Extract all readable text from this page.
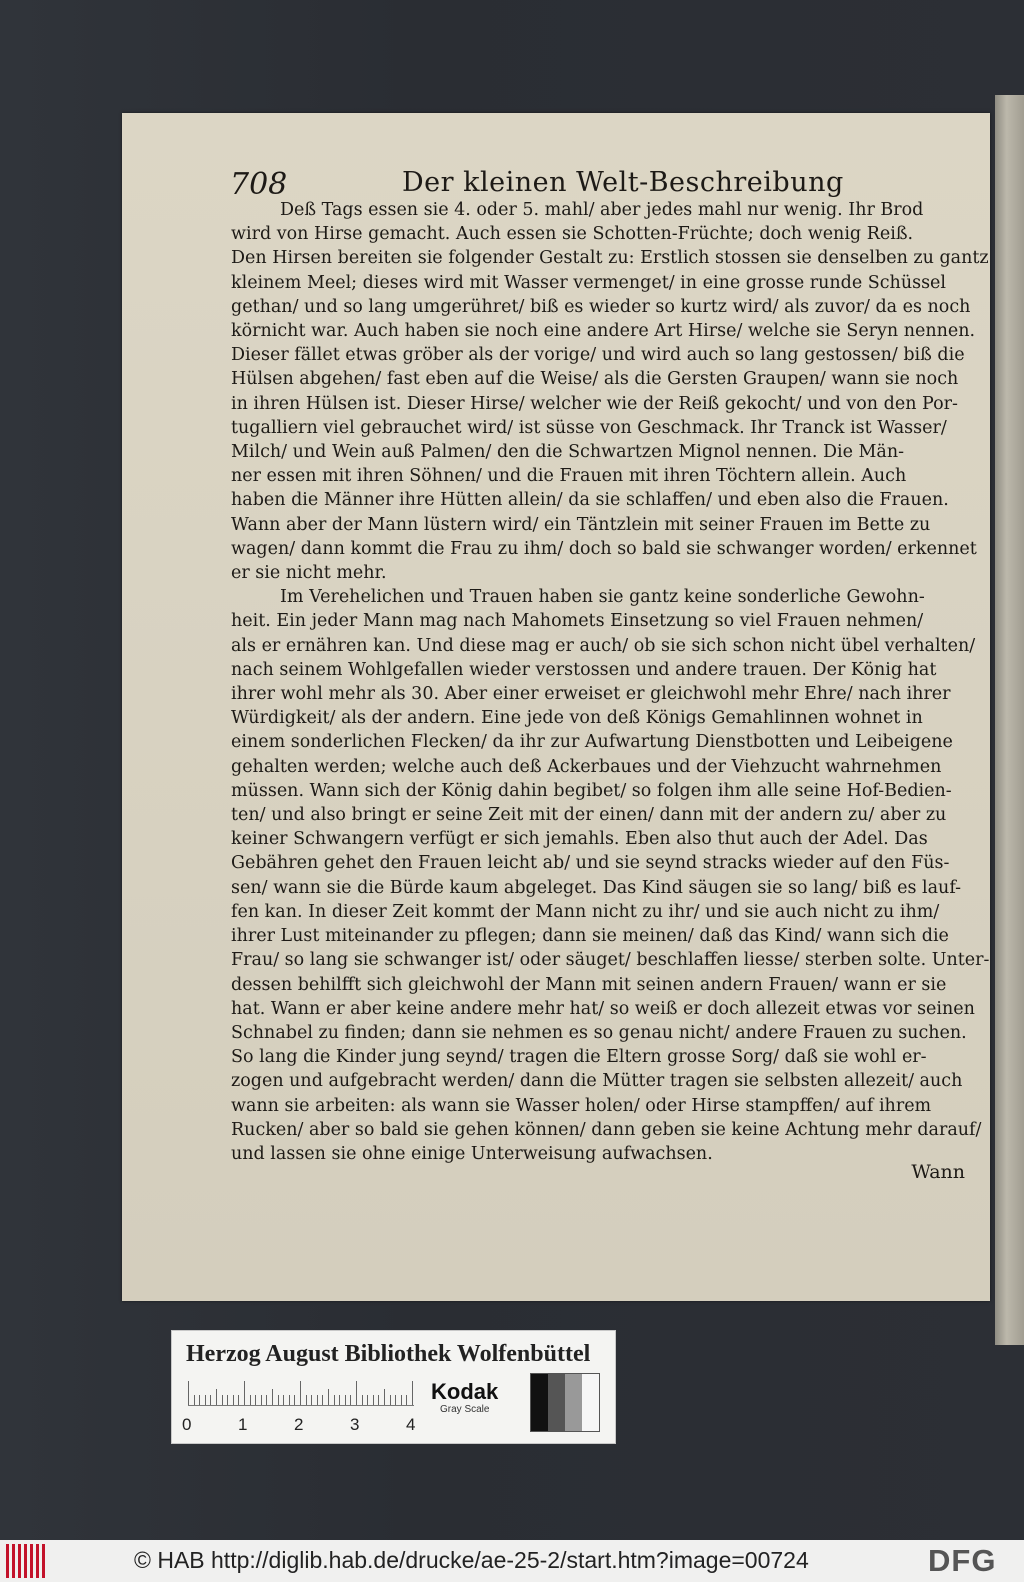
708	Der kleinen Welt-Beschreibung
Deß Tags essen sie 4. oder 5. mahl/ aber jedes mahl nur wenig. Ihr Brod
wird von Hirse gemacht. Auch essen sie Schotten-Früchte; doch wenig Reiß.
Den Hirsen bereiten sie folgender Gestalt zu: Erstlich stossen sie denselben zu gantz
kleinem Meel; dieses wird mit Wasser vermenget/ in eine grosse runde Schüssel
gethan/ und so lang umgerühret/ biß es wieder so kurtz wird/ als zuvor/ da es noch
körnicht war. Auch haben sie noch eine andere Art Hirse/ welche sie Seryn nennen.
Dieser fället etwas gröber als der vorige/ und wird auch so lang gestossen/ biß die
Hülsen abgehen/ fast eben auf die Weise/ als die Gersten Graupen/ wann sie noch
in ihren Hülsen ist. Dieser Hirse/ welcher wie der Reiß gekocht/ und von den Por-
tugalliern viel gebrauchet wird/ ist süsse von Geschmack. Ihr Tranck ist Wasser/
Milch/ und Wein auß Palmen/ den die Schwartzen Mignol nennen. Die Män-
ner essen mit ihren Söhnen/ und die Frauen mit ihren Töchtern allein. Auch
haben die Männer ihre Hütten allein/ da sie schlaffen/ und eben also die Frauen.
Wann aber der Mann lüstern wird/ ein Täntzlein mit seiner Frauen im Bette zu
wagen/ dann kommt die Frau zu ihm/ doch so bald sie schwanger worden/ erkennet
er sie nicht mehr.
Im Verehelichen und Trauen haben sie gantz keine sonderliche Gewohn-
heit. Ein jeder Mann mag nach Mahomets Einsetzung so viel Frauen nehmen/
als er ernähren kan. Und diese mag er auch/ ob sie sich schon nicht übel verhalten/
nach seinem Wohlgefallen wieder verstossen und andere trauen. Der König hat
ihrer wohl mehr als 30. Aber einer erweiset er gleichwohl mehr Ehre/ nach ihrer
Würdigkeit/ als der andern. Eine jede von deß Königs Gemahlinnen wohnet in
einem sonderlichen Flecken/ da ihr zur Aufwartung Dienstbotten und Leibeigene
gehalten werden; welche auch deß Ackerbaues und der Viehzucht wahrnehmen
müssen. Wann sich der König dahin begibet/ so folgen ihm alle seine Hof-Bedien-
ten/ und also bringt er seine Zeit mit der einen/ dann mit der andern zu/ aber zu
keiner Schwangern verfügt er sich jemahls. Eben also thut auch der Adel. Das
Gebähren gehet den Frauen leicht ab/ und sie seynd stracks wieder auf den Füs-
sen/ wann sie die Bürde kaum abgeleget. Das Kind säugen sie so lang/ biß es lauf-
fen kan. In dieser Zeit kommt der Mann nicht zu ihr/ und sie auch nicht zu ihm/
ihrer Lust miteinander zu pflegen; dann sie meinen/ daß das Kind/ wann sich die
Frau/ so lang sie schwanger ist/ oder säuget/ beschlaffen liesse/ sterben solte. Unter-
dessen behilfft sich gleichwohl der Mann mit seinen andern Frauen/ wann er sie
hat. Wann er aber keine andere mehr hat/ so weiß er doch allezeit etwas vor seinen
Schnabel zu finden; dann sie nehmen es so genau nicht/ andere Frauen zu suchen.
So lang die Kinder jung seynd/ tragen die Eltern grosse Sorg/ daß sie wohl er-
zogen und aufgebracht werden/ dann die Mütter tragen sie selbsten allezeit/ auch
wann sie arbeiten: als wann sie Wasser holen/ oder Hirse stampffen/ auf ihrem
Rucken/ aber so bald sie gehen können/ dann geben sie keine Achtung mehr darauf/
und lassen sie ohne einige Unterweisung aufwachsen.
Wann
Herzog August Bibliothek Wolfenbüttel
0	1	2	3	4
Kodak
Gray Scale
© HAB http://diglib.hab.de/drucke/ae-25-2/start.htm?image=00724	DFG
